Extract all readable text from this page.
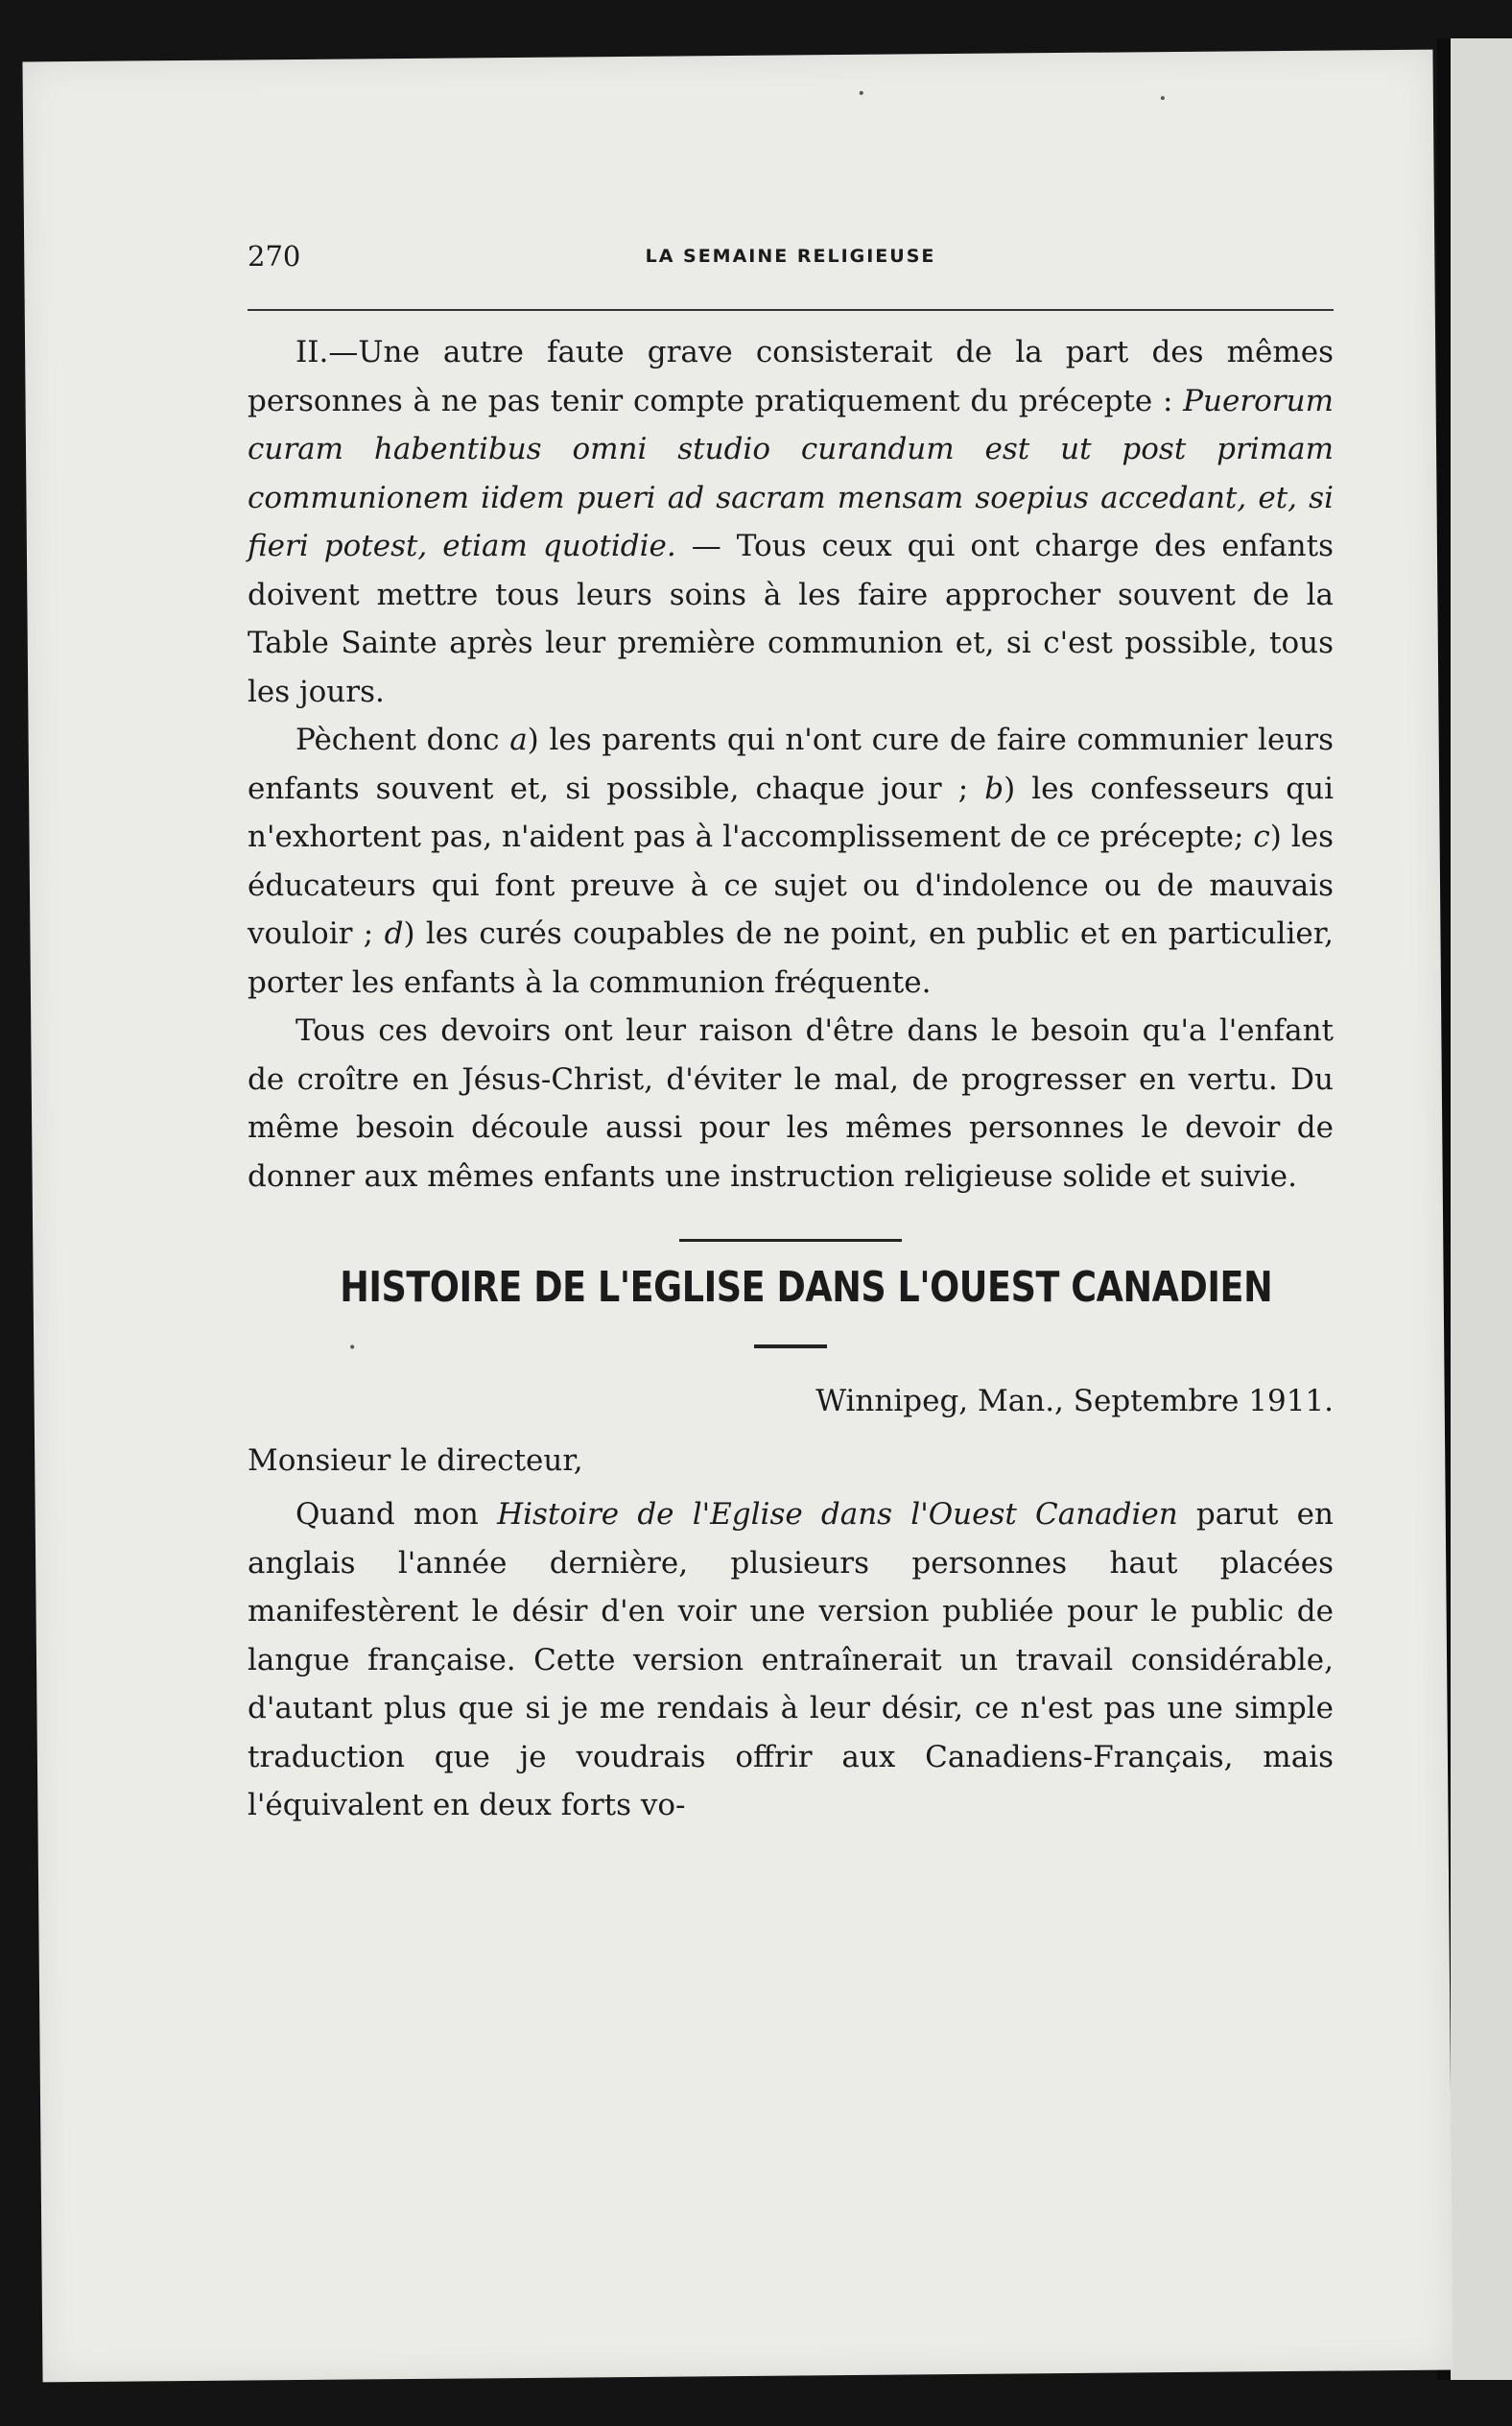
270	LA SEMAINE RELIGIEUSE

II.—Une autre faute grave consisterait de la part des mêmes personnes à ne pas tenir compte pratiquement du précepte : Puerorum curam habentibus omni studio curandum est ut post primam communionem iidem pueri ad sacram mensam soepius accedant, et, si fieri potest, etiam quotidie. — Tous ceux qui ont charge des enfants doivent mettre tous leurs soins à les faire approcher souvent de la Table Sainte après leur première communion et, si c'est possible, tous les jours.

Pèchent donc a) les parents qui n'ont cure de faire communier leurs enfants souvent et, si possible, chaque jour ; b) les confesseurs qui n'exhortent pas, n'aident pas à l'accomplissement de ce précepte; c) les éducateurs qui font preuve à ce sujet ou d'indolence ou de mauvais vouloir ; d) les curés coupables de ne point, en public et en particulier, porter les enfants à la communion fréquente.

Tous ces devoirs ont leur raison d'être dans le besoin qu'a l'enfant de croître en Jésus-Christ, d'éviter le mal, de progresser en vertu. Du même besoin découle aussi pour les mêmes personnes le devoir de donner aux mêmes enfants une instruction religieuse solide et suivie.

HISTOIRE DE L'EGLISE DANS L'OUEST CANADIEN

Winnipeg, Man., Septembre 1911.

Monsieur le directeur,

Quand mon Histoire de l'Eglise dans l'Ouest Canadien parut en anglais l'année dernière, plusieurs personnes haut placées manifestèrent le désir d'en voir une version publiée pour le public de langue française. Cette version entraînerait un travail considérable, d'autant plus que si je me rendais à leur désir, ce n'est pas une simple traduction que je voudrais offrir aux Canadiens-Français, mais l'équivalent en deux forts vo-
